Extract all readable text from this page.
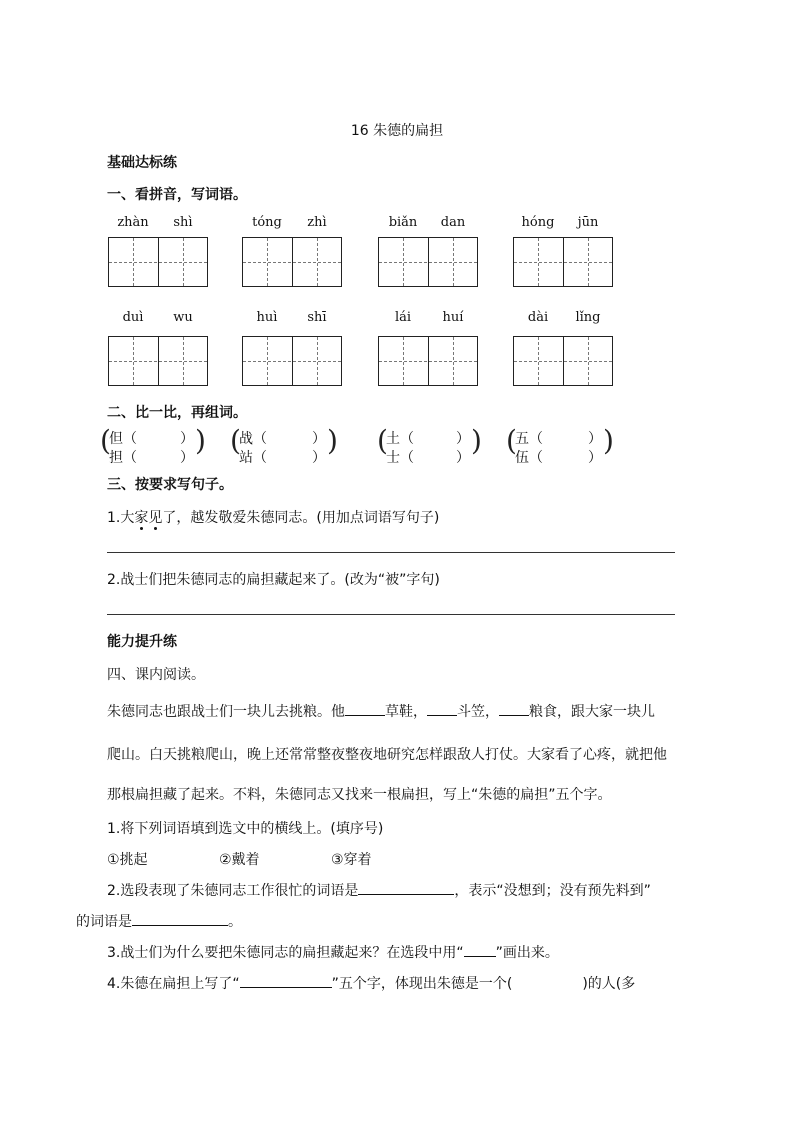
16 朱德的扁担
基础达标练
一、看拼音，写词语。
zhàn	shì	tóng	zhì	biǎn	dan	hóng	jūn
duì	wu	huì	shī	lái	huí	dài	lǐng
二、比一比，再组词。
(
但（	）
担（	）
) (
战（	）
站（	）
) (
土（	）
士（	）
) (
五（	）
伍（	）
)
三、按要求写句子。
1.大家见了，越发敬爱朱德同志。(用加点词语写句子)
2.战士们把朱德同志的扁担藏起来了。(改为“被”字句)
能力提升练
四、课内阅读。
朱德同志也跟战士们一块儿去挑粮。他	草鞋， 斗笠， 粮食，跟大家一块儿
爬山。白天挑粮爬山，晚上还常常整夜整夜地研究怎样跟敌人打仗。大家看了心疼，就把他
那根扁担藏了起来。不料，朱德同志又找来一根扁担，写上“朱德的扁担”五个字。
1.将下列词语填到选文中的横线上。(填序号)
①挑起	②戴着	③穿着
2.选段表现了朱德同志工作很忙的词语是	，表示“没想到；没有预先料到”
的词语是	。
3.战士们为什么要把朱德同志的扁担藏起来？在选段中用“ ”画出来。
4.朱德在扁担上写了“	”五个字，体现出朱德是一个(	)的人(多
